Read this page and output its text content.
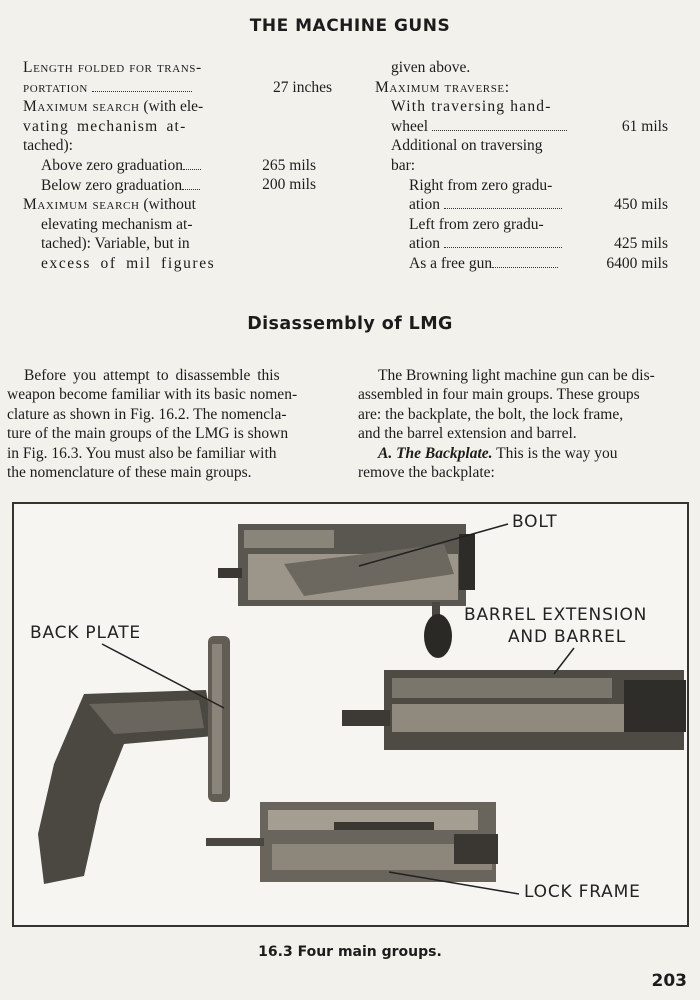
THE MACHINE GUNS
Length folded for trans-
portation
Maximum search (with ele-
vating mechanism at-
tached):
Above zero graduation
Below zero graduation
Maximum search (without
elevating mechanism at-
tached): Variable, but in
excess of mil figures
27 inches
265 mils
200 mils
given above.
Maximum traverse:
With traversing hand-
wheel
Additional on traversing
bar:
Right from zero gradu-
ation
Left from zero gradu-
ation
As a free gun
61 mils
450 mils
425 mils
6400 mils
Disassembly of LMG
Before you attempt to disassemble this
weapon become familiar with its basic nomen-
clature as shown in Fig. 16.2. The nomencla-
ture of the main groups of the LMG is shown
in Fig. 16.3. You must also be familiar with
the nomenclature of these main groups.
The Browning light machine gun can be dis-
assembled in four main groups. These groups
are: the backplate, the bolt, the lock frame,
and the barrel extension and barrel.
A. The Backplate. This is the way you
remove the backplate:
BOLT
BARREL EXTENSION
AND BARREL
BACK PLATE
LOCK FRAME
16.3 Four main groups.
203
